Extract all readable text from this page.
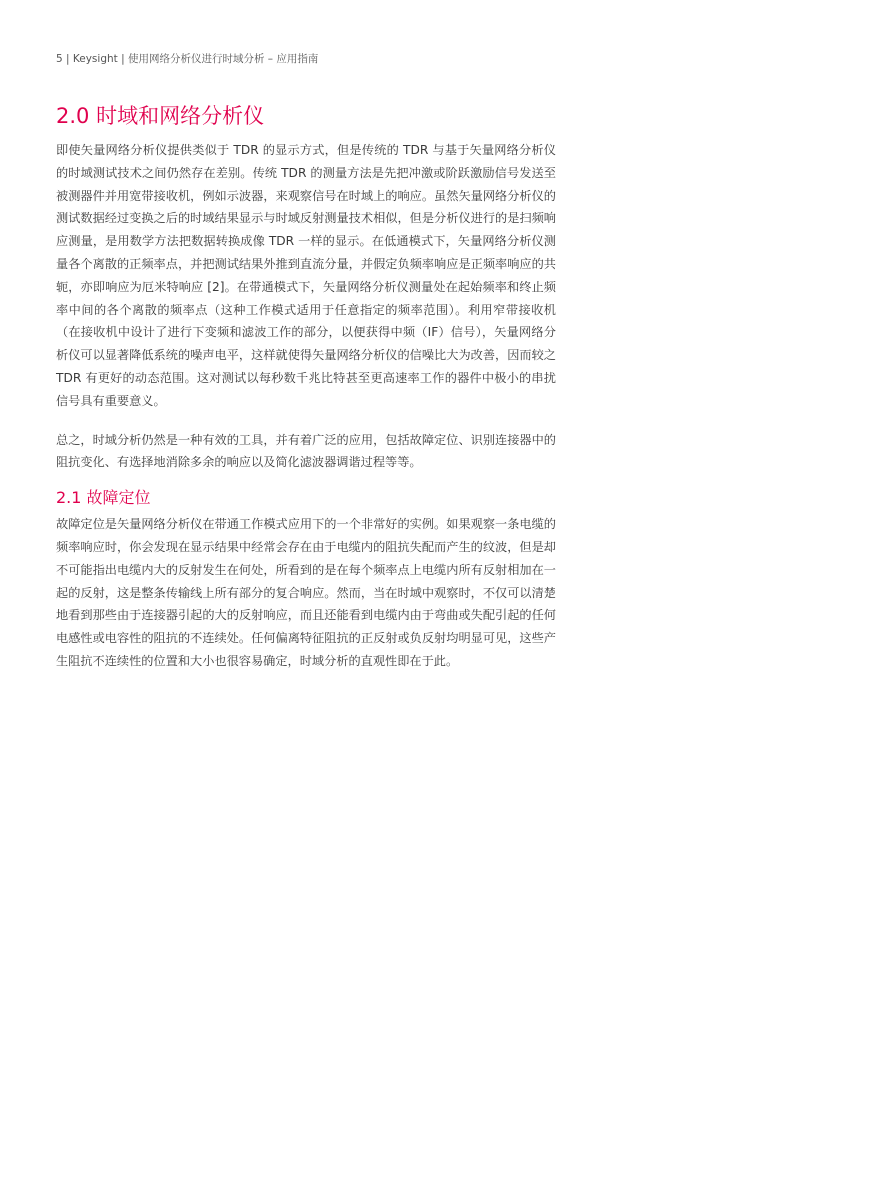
5 | Keysight | 使用网络分析仪进行时域分析 – 应用指南
2.0 时域和网络分析仪

即使矢量网络分析仪提供类似于 TDR 的显示方式，但是传统的 TDR 与基于矢量网络分析仪的时域测试技术之间仍然存在差别。传统 TDR 的测量方法是先把冲激或阶跃激励信号发送至被测器件并用宽带接收机，例如示波器，来观察信号在时域上的响应。虽然矢量网络分析仪的测试数据经过变换之后的时域结果显示与时域反射测量技术相似，但是分析仪进行的是扫频响应测量，是用数学方法把数据转换成像 TDR 一样的显示。在低通模式下，矢量网络分析仪测量各个离散的正频率点，并把测试结果外推到直流分量，并假定负频率响应是正频率响应的共轭，亦即响应为厄米特响应 [2]。在带通模式下，矢量网络分析仪测量处在起始频率和终止频率中间的各个离散的频率点（这种工作模式适用于任意指定的频率范围）。利用窄带接收机（在接收机中设计了进行下变频和滤波工作的部分，以便获得中频（IF）信号），矢量网络分析仪可以显著降低系统的噪声电平，这样就使得矢量网络分析仪的信噪比大为改善，因而较之 TDR 有更好的动态范围。这对测试以每秒数千兆比特甚至更高速率工作的器件中极小的串扰信号具有重要意义。

总之，时域分析仍然是一种有效的工具，并有着广泛的应用，包括故障定位、识别连接器中的阻抗变化、有选择地消除多余的响应以及简化滤波器调谐过程等等。

2.1 故障定位

故障定位是矢量网络分析仪在带通工作模式应用下的一个非常好的实例。如果观察一条电缆的频率响应时，你会发现在显示结果中经常会存在由于电缆内的阻抗失配而产生的纹波，但是却不可能指出电缆内大的反射发生在何处，所看到的是在每个频率点上电缆内所有反射相加在一起的反射，这是整条传输线上所有部分的复合响应。然而，当在时域中观察时，不仅可以清楚地看到那些由于连接器引起的大的反射响应，而且还能看到电缆内由于弯曲或失配引起的任何电感性或电容性的阻抗的不连续处。任何偏离特征阻抗的正反射或负反射均明显可见，这些产生阻抗不连续性的位置和大小也很容易确定，时域分析的直观性即在于此。
